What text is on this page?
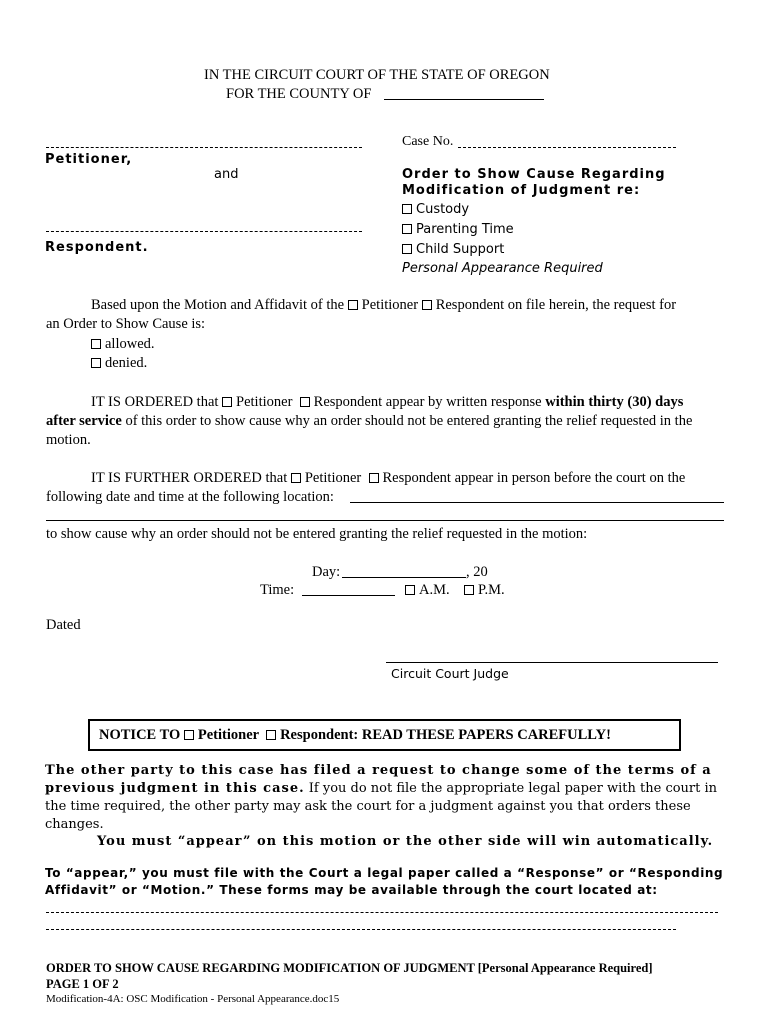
IN THE CIRCUIT COURT OF THE STATE OF OREGON
FOR THE COUNTY OF
Petitioner,
and
Respondent.
Case No.
Order to Show Cause Regarding
Modification of Judgment re:
Custody
Parenting Time
Child Support
Personal Appearance Required
Based upon the Motion and Affidavit of the Petitioner Respondent on file herein, the request for
an Order to Show Cause is:
allowed.
denied.
IT IS ORDERED that Petitioner Respondent appear by written response within thirty (30) days
after service of this order to show cause why an order should not be entered granting the relief requested in the
motion.
IT IS FURTHER ORDERED that Petitioner Respondent appear in person before the court on the
following date and time at the following location:
to show cause why an order should not be entered granting the relief requested in the motion:
Day:	, 20
Time:	A.M.	P.M.
Dated
Circuit Court Judge
NOTICE TO Petitioner Respondent: READ THESE PAPERS CAREFULLY!
The other party to this case has filed a request to change some of the terms of a
previous judgment in this case. If you do not file the appropriate legal paper with the court in
the time required, the other party may ask the court for a judgment against you that orders these
changes.
You must “appear” on this motion or the other side will win automatically.
To “appear,” you must file with the Court a legal paper called a “Response” or “Responding
Affidavit” or “Motion.” These forms may be available through the court located at:
ORDER TO SHOW CAUSE REGARDING MODIFICATION OF JUDGMENT [Personal Appearance Required]
PAGE 1 OF 2
Modification-4A: OSC Modification - Personal Appearance.doc15
